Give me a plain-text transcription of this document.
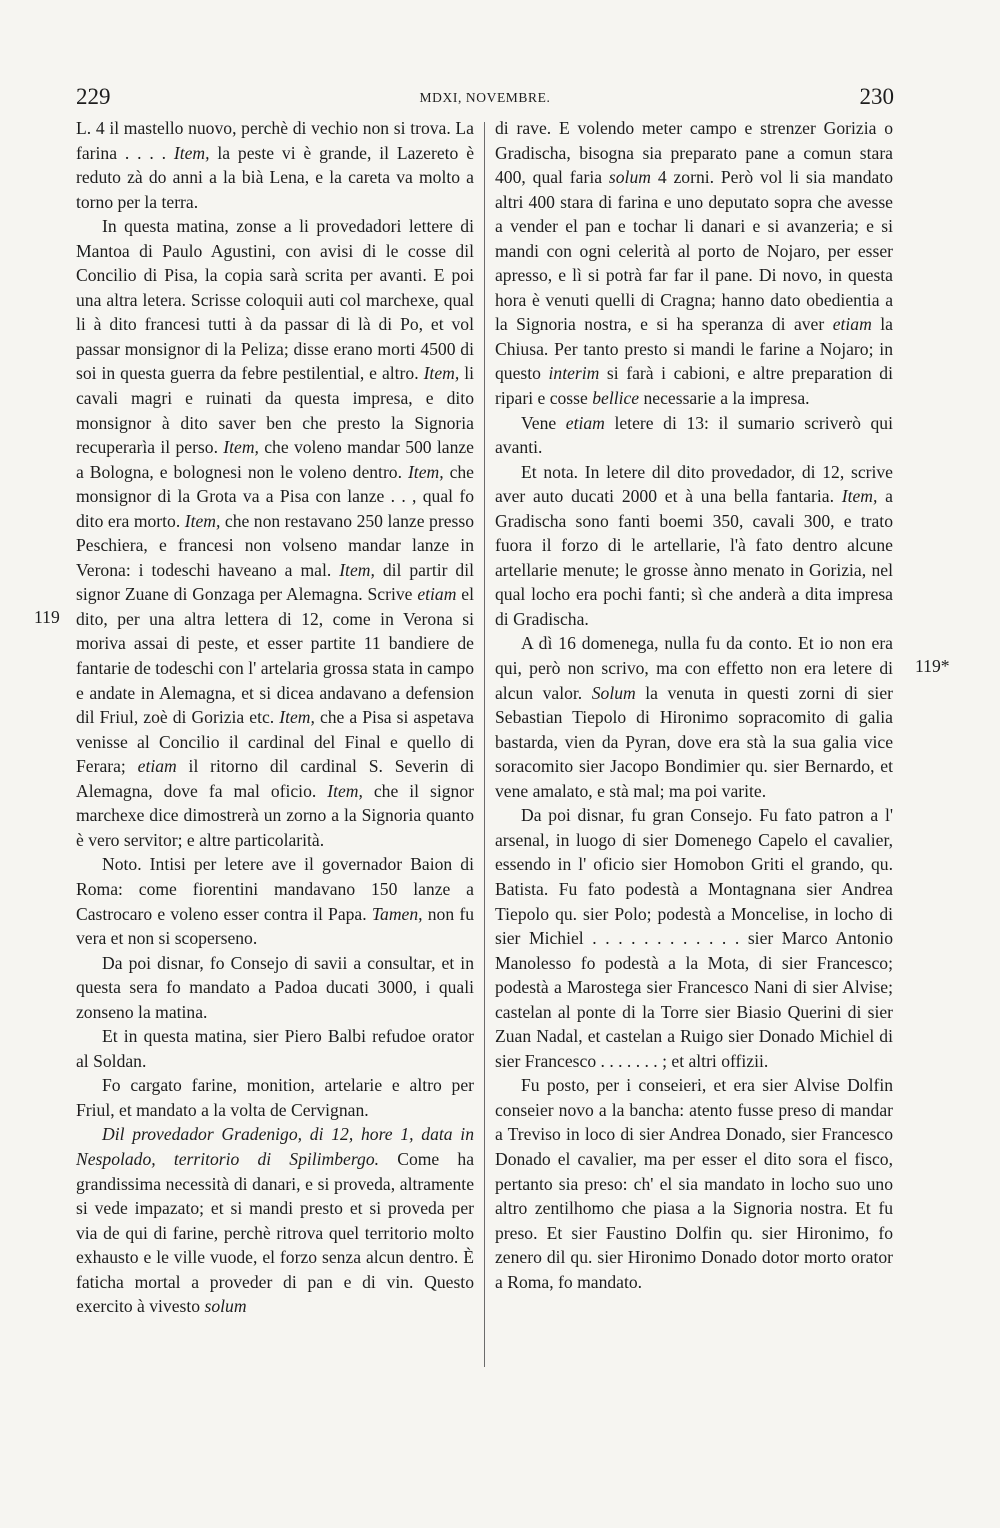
229	MDXI, NOVEMBRE.	230
119
119*

L. 4 il mastello nuovo, perchè di vechio non si trova. La farina . . . . Item, la peste vi è grande, il Lazereto è reduto zà do anni a la bià Lena, e la careta va molto a torno per la terra.

In questa matina, zonse a li provedadori lettere di Mantoa di Paulo Agustini, con avisi di le cosse dil Concilio di Pisa, la copia sarà scrita per avanti. E poi una altra letera. Scrisse coloquii auti col marchexe, qual li à dito francesi tutti à da passar di là di Po, et vol passar monsignor di la Peliza; disse erano morti 4500 di soi in questa guerra da febre pestilential, e altro. Item, li cavali magri e ruinati da questa impresa, e dito monsignor à dito saver ben che presto la Signoria recuperarìa il perso. Item, che voleno mandar 500 lanze a Bologna, e bolognesi non le voleno dentro. Item, che monsignor di la Grota va a Pisa con lanze . . , qual fo dito era morto. Item, che non restavano 250 lanze presso Peschiera, e francesi non volseno mandar lanze in Verona: i todeschi haveano a mal. Item, dil partir dil signor Zuane di Gonzaga per Alemagna. Scrive etiam el dito, per una altra lettera di 12, come in Verona si moriva assai di peste, et esser partite 11 bandiere de fantarie de todeschi con l' artelaria grossa stata in campo e andate in Alemagna, et si dicea andavano a defension dil Friul, zoè di Gorizia etc. Item, che a Pisa si aspetava venisse al Concilio il cardinal del Final e quello di Ferara; etiam il ritorno dil cardinal S. Severin di Alemagna, dove fa mal oficio. Item, che il signor marchexe dice dimostrerà un zorno a la Signoria quanto è vero servitor; e altre particolarità.

Noto. Intisi per letere ave il governador Baion di Roma: come fiorentini mandavano 150 lanze a Castrocaro e voleno esser contra il Papa. Tamen, non fu vera et non si scoperseno.

Da poi disnar, fo Consejo di savii a consultar, et in questa sera fo mandato a Padoa ducati 3000, i quali zonseno la matina.

Et in questa matina, sier Piero Balbi refudoe orator al Soldan.

Fo cargato farine, monition, artelarie e altro per Friul, et mandato a la volta de Cervignan.

Dil provedador Gradenigo, di 12, hore 1, data in Nespolado, territorio di Spilimbergo. Come ha grandissima necessità di danari, e si proveda, altramente si vede impazato; et si mandi presto et si proveda per via de qui di farine, perchè ritrova quel territorio molto exhausto e le ville vuode, el forzo senza alcun dentro. È faticha mortal a proveder di pan e di vin. Questo exercito à vivesto solum

di rave. E volendo meter campo e strenzer Gorizia o Gradischa, bisogna sia preparato pane a comun stara 400, qual faria solum 4 zorni. Però vol li sia mandato altri 400 stara di farina e uno deputato sopra che avesse a vender el pan e tochar li danari e si avanzeria; e si mandi con ogni celerità al porto de Nojaro, per esser apresso, e lì si potrà far far il pane. Di novo, in questa hora è venuti quelli di Cragna; hanno dato obedientia a la Signoria nostra, e si ha speranza di aver etiam la Chiusa. Per tanto presto si mandi le farine a Nojaro; in questo interim si farà i cabioni, e altre preparation di ripari e cosse bellice necessarie a la impresa.

Vene etiam letere di 13: il sumario scriverò qui avanti.

Et nota. In letere dil dito provedador, di 12, scrive aver auto ducati 2000 et à una bella fantaria. Item, a Gradischa sono fanti boemi 350, cavali 300, e trato fuora il forzo di le artellarie, l'à fato dentro alcune artellarie menute; le grosse ànno menato in Gorizia, nel qual locho era pochi fanti; sì che anderà a dita impresa di Gradischa.

A dì 16 domenega, nulla fu da conto. Et io non era qui, però non scrivo, ma con effetto non era letere di alcun valor. Solum la venuta in questi zorni di sier Sebastian Tiepolo di Hironimo sopracomito di galia bastarda, vien da Pyran, dove era stà la sua galia vice soracomito sier Jacopo Bondimier qu. sier Bernardo, et vene amalato, e stà mal; ma poi varite.

Da poi disnar, fu gran Consejo. Fu fato patron a l' arsenal, in luogo di sier Domenego Capelo el cavalier, essendo in l' oficio sier Homobon Griti el grando, qu. Batista. Fu fato podestà a Montagnana sier Andrea Tiepolo qu. sier Polo; podestà a Moncelise, in locho di sier Michiel . . . . . . . . . . . . sier Marco Antonio Manolesso fo podestà a la Mota, di sier Francesco; podestà a Marostega sier Francesco Nani di sier Alvise; castelan al ponte di la Torre sier Biasio Querini di sier Zuan Nadal, et castelan a Ruigo sier Donado Michiel di sier Francesco . . . . . . . ; et altri offizii.

Fu posto, per i conseieri, et era sier Alvise Dolfin conseier novo a la bancha: atento fusse preso di mandar a Treviso in loco di sier Andrea Donado, sier Francesco Donado el cavalier, ma per esser el dito sora el fisco, pertanto sia preso: ch' el sia mandato in locho suo uno altro zentilhomo che piasa a la Signoria nostra. Et fu preso. Et sier Faustino Dolfin qu. sier Hironimo, fo zenero dil qu. sier Hironimo Donado dotor morto orator a Roma, fo mandato.
